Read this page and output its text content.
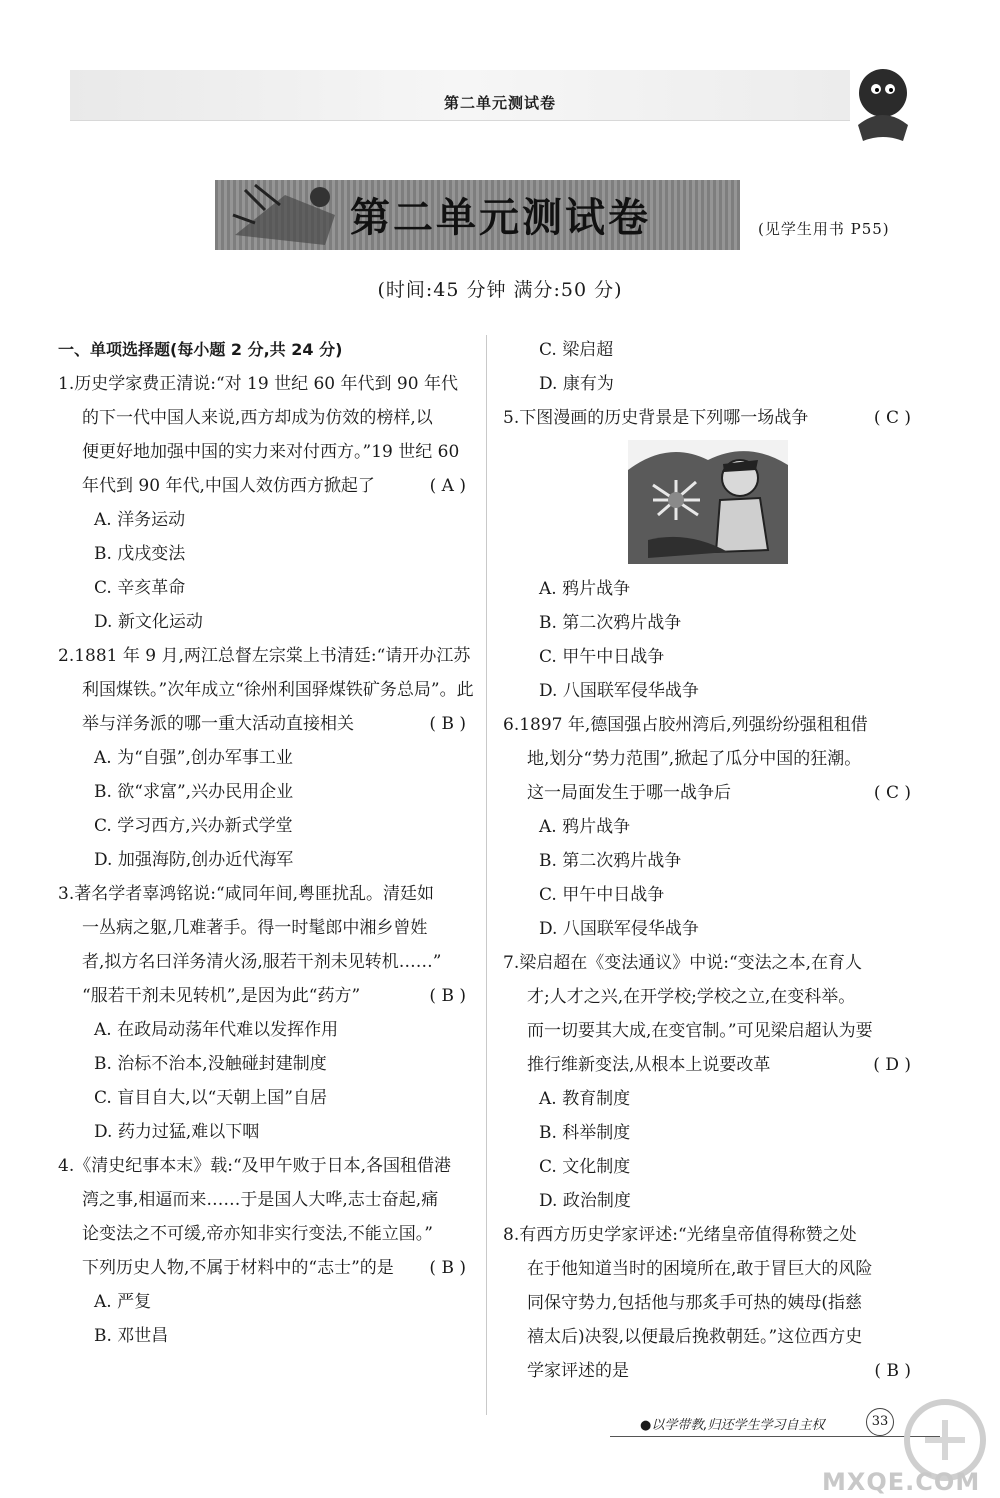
第二单元测试卷
第二单元测试卷	(见学生用书 P55)
(时间:45 分钟 满分:50 分)
一、单项选择题(每小题 2 分,共 24 分)
1.历史学家费正清说:“对 19 世纪 60 年代到 90 年代
的下一代中国人来说,西方却成为仿效的榜样,以
便更好地加强中国的实力来对付西方。”19 世纪 60
年代到 90 年代,中国人效仿西方掀起了	( A )
A. 洋务运动
B. 戊戌变法
C. 辛亥革命
D. 新文化运动
2.1881 年 9 月,两江总督左宗棠上书清廷:“请开办江苏
利国煤铁。”次年成立“徐州利国驿煤铁矿务总局”。此
举与洋务派的哪一重大活动直接相关	( B )
A. 为“自强”,创办军事工业
B. 欲“求富”,兴办民用企业
C. 学习西方,兴办新式学堂
D. 加强海防,创办近代海军
3.著名学者辜鸿铭说:“咸同年间,粤匪扰乱。清廷如
一丛病之躯,几难著手。得一时髦郎中湘乡曾姓
者,拟方名曰洋务清火汤,服若干剂未见转机……”
“服若干剂未见转机”,是因为此“药方”	( B )
A. 在政局动荡年代难以发挥作用
B. 治标不治本,没触碰封建制度
C. 盲目自大,以“天朝上国”自居
D. 药力过猛,难以下咽
4.《清史纪事本末》载:“及甲午败于日本,各国租借港
湾之事,相逼而来……于是国人大哗,志士奋起,痛
论变法之不可缓,帝亦知非实行变法,不能立国。”
下列历史人物,不属于材料中的“志士”的是 ( B )
A. 严复
B. 邓世昌
C. 梁启超
D. 康有为
5.下图漫画的历史背景是下列哪一场战争	( C )
A. 鸦片战争
B. 第二次鸦片战争
C. 甲午中日战争
D. 八国联军侵华战争
6.1897 年,德国强占胶州湾后,列强纷纷强租租借
地,划分“势力范围”,掀起了瓜分中国的狂潮。
这一局面发生于哪一战争后	( C )
A. 鸦片战争
B. 第二次鸦片战争
C. 甲午中日战争
D. 八国联军侵华战争
7.梁启超在《变法通议》中说:“变法之本,在育人
才;人才之兴,在开学校;学校之立,在变科举。
而一切要其大成,在变官制。”可见梁启超认为要
推行维新变法,从根本上说要改革	( D )
A. 教育制度
B. 科举制度
C. 文化制度
D. 政治制度
8.有西方历史学家评述:“光绪皇帝值得称赞之处
在于他知道当时的困境所在,敢于冒巨大的风险
同保守势力,包括他与那炙手可热的姨母(指慈
禧太后)决裂,以便最后挽救朝廷。”这位西方史
学家评述的是	( B )
●以学带教,归还学生学习自主权	33
MXQE.COM
